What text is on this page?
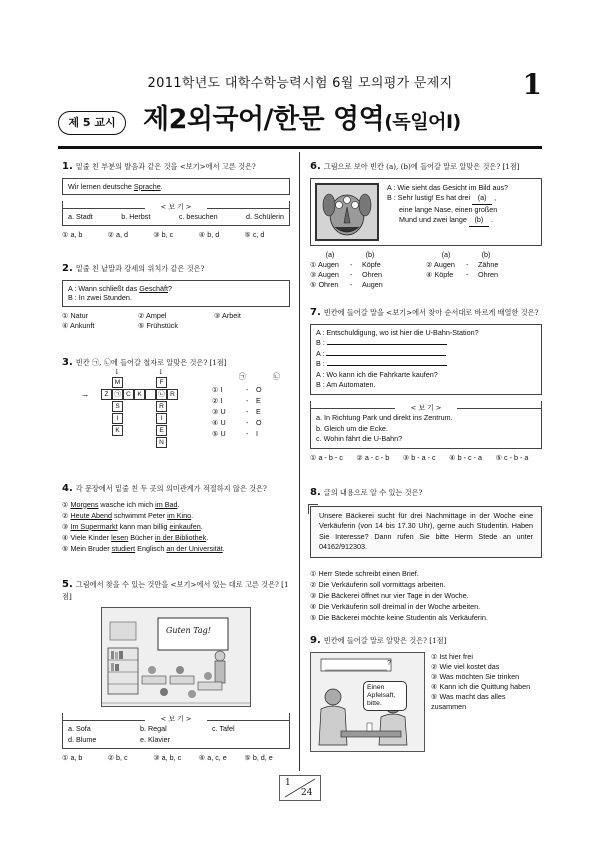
1
2011학년도 대학수학능력시험 6월 모의평가 문제지
제 5 교시	제2외국어/한문 영역(독일어Ⅰ)
1. 밑줄 친 부분의 발음과 같은 것을 <보기>에서 고른 것은?
Wir lernen deutsche Sprache.
< 보 기 >
a. Stadt	b. Herbst	c. besuchen	d. Schülerin
① a, b	② a, d	③ b, c	④ b, d	⑤ c, d
2. 밑줄 친 낱말과 강세의 위치가 같은 것은?
A : Wann schließt das Geschäft?
B : In zwei Stunden.
① Natur	② Ampel	③ Arbeit
④ Ankunft	⑤ Frühstück
3. 빈칸 ㉠, ㉡에 들어갈 철자로 알맞은 것은? [1점]
↓	↓
→
M	F
Z ㉠ C K	㉡ R
S
I
K
R
I
E
N
㉠	㉡
① I	-	O
② I	-	E
③ U	-	E
④ U	-	O
⑤ U	-	I
4. 각 문장에서 밑줄 친 두 곳의 의미관계가 적절하지 않은 것은?
① Morgens wasche ich mich im Bad.
② Heute Abend schwimmt Peter im Kino.
③ Im Supermarkt kann man billig einkaufen.
④ Viele Kinder lesen Bücher in der Bibliothek.
⑤ Mein Bruder studiert Englisch an der Universität.
5. 그림에서 찾을 수 있는 것만을 <보기>에서 있는 대로 고른 것은? [1점]
Guten Tag!
< 보 기 >
a. Sofa	b. Regal	c. Tafel
d. Blume	e. Klavier
① a, b	② b, c	③ a, b, c	④ a, c, e	⑤ b, d, e
6. 그림으로 보아 빈칸 (a), (b)에 들어갈 말로 알맞은 것은? [1점]
A : Wie sieht das Gesicht im Bild aus?
B : Sehr lustig! Es hat drei (a) ,
eine lange Nase, einen großen
Mund und zwei lange (b) .
(a)	(b)	(a)	(b)
① Augen	-	Köpfe	② Augen	-	Zähne
③ Augen	-	Ohren	④ Köpfe	-	Ohren
⑤ Ohren	-	Augen
7. 빈칸에 들어갈 말을 <보기>에서 찾아 순서대로 바르게 배열한 것은?
A : Entschuldigung, wo ist hier die U-Bahn-Station?
B :
A :
B :
A : Wo kann ich die Fahrkarte kaufen?
B : Am Automaten.
< 보 기 >
a. In Richtung Park und direkt ins Zentrum.
b. Gleich um die Ecke.
c. Wohin fährt die U-Bahn?
① a - b - c	② a - c - b	③ b - a - c	④ b - c - a	⑤ c - b - a
8. 글의 내용으로 알 수 있는 것은?
Unsere Bäckerei sucht für drei Nachmittage in der Woche eine Verkäuferin (von 14 bis 17.30 Uhr), gerne auch Studentin. Haben Sie Interesse? Dann rufen Sie bitte Herrn Stede an unter 04162/912303.
① Herr Stede schreibt einen Brief.
② Die Verkäuferin soll vormittags arbeiten.
③ Die Bäckerei öffnet nur vier Tage in der Woche.
④ Die Verkäuferin soll dreimal in der Woche arbeiten.
⑤ Die Bäckerei möchte keine Studentin als Verkäuferin.
9. 빈칸에 들어갈 말로 알맞은 것은? [1점]
?
Einen Apfelsaft, bitte.
① Ist hier frei
② Wie viel kostet das
③ Was möchten Sie trinken
④ Kann ich die Quittung haben
⑤ Was macht das alles zusammen
1
24
